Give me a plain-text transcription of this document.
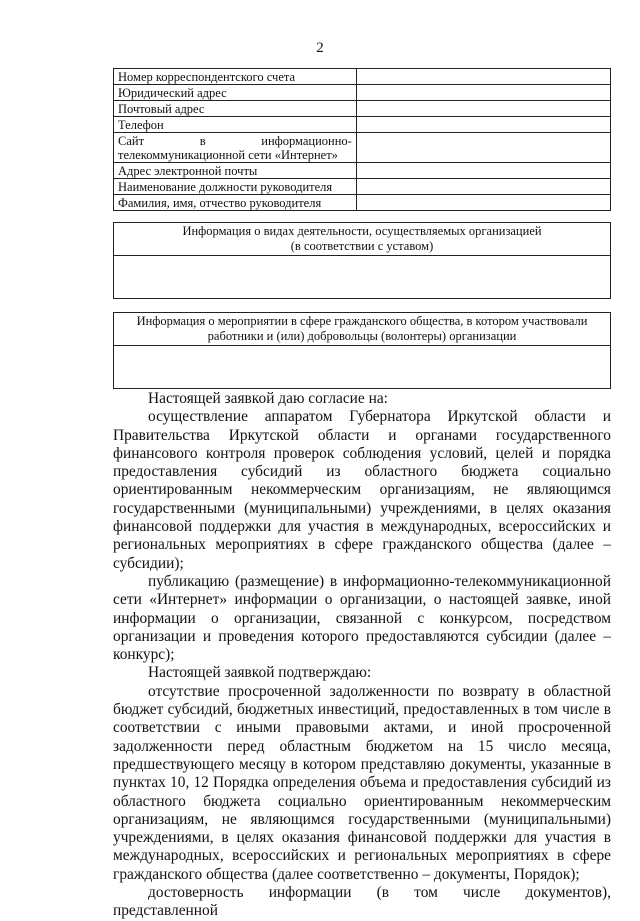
2
Номер корреспондентского счета	
Юридический адрес	
Почтовый адрес	
Телефон	

Сайт в информационно-
телекоммуникационной сети «Интернет»	

Адрес электронной почты	
Наименование должности руководителя	
Фамилия, имя, отчество руководителя	
Информация о видах деятельности, осуществляемых организацией
(в соответствии с уставом)

Информация о мероприятии в сфере гражданского общества, в котором участвовали
работники и (или) добровольцы (волонтеры) организации

Настоящей заявкой даю согласие на:

осуществление аппаратом Губернатора Иркутской области и Правительства Иркутской области и органами государственного финансового контроля проверок соблюдения условий, целей и порядка предоставления субсидий из областного бюджета социально ориентированным некоммерческим организациям, не являющимся государственными (муниципальными) учреждениями, в целях оказания финансовой поддержки для участия в международных, всероссийских и региональных мероприятиях в сфере гражданского общества (далее – субсидии);

публикацию (размещение) в информационно-телекоммуникационной сети «Интернет» информации о организации, о настоящей заявке, иной информации о организации, связанной с конкурсом, посредством организации и проведения которого предоставляются субсидии (далее – конкурс);

Настоящей заявкой подтверждаю:

отсутствие просроченной задолженности по возврату в областной бюджет субсидий, бюджетных инвестиций, предоставленных в том числе в соответствии с иными правовыми актами, и иной просроченной задолженности перед областным бюджетом на 15 число месяца, предшествующего месяцу в котором представляю документы, указанные в пунктах 10, 12 Порядка определения объема и предоставления субсидий из областного бюджета социально ориентированным некоммерческим организациям, не являющимся государственными (муниципальными) учреждениями, в целях оказания финансовой поддержки для участия в международных, всероссийских и региональных мероприятиях в сфере гражданского общества (далее соответственно – документы, Порядок);

достоверность информации (в том числе документов), представленной
